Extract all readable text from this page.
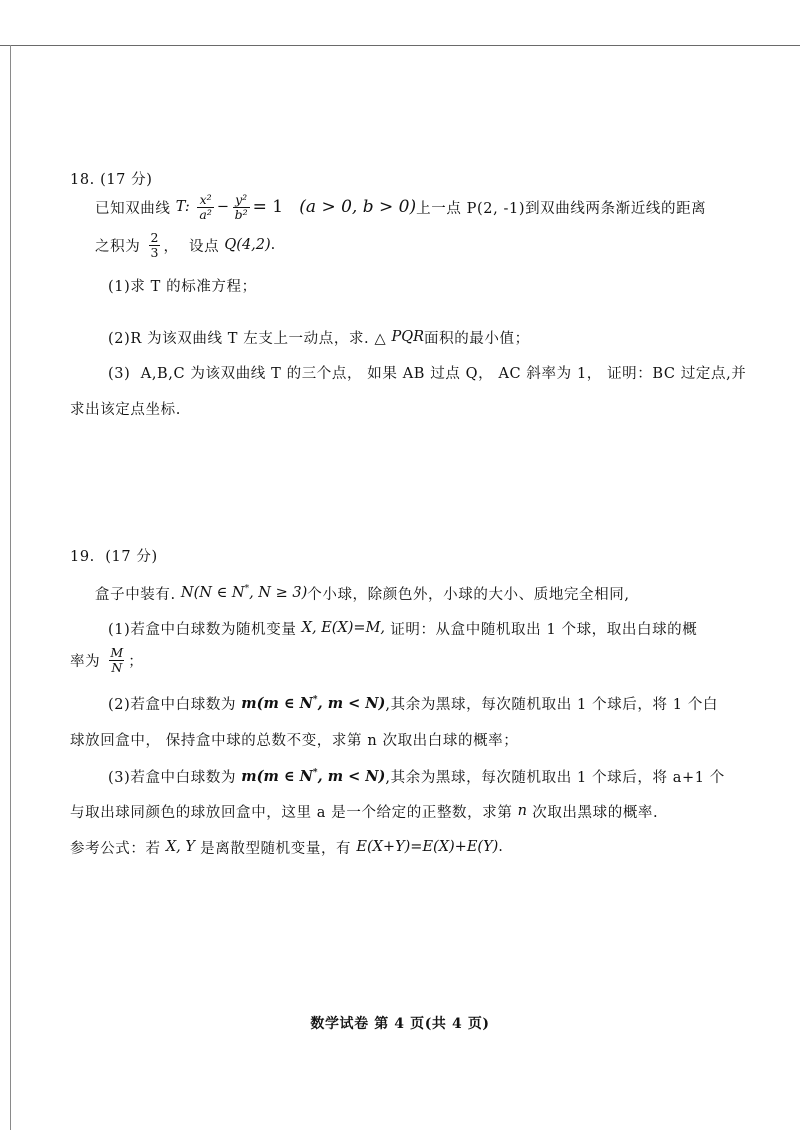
18. (17 分)
已知双曲线 T: $\frac{\text{x²}}{\text{a²}} - \frac{\text{y²}}{\text{b²}} = 1$ (a > 0, b > 0) 上一点 P(2, -1)到双曲线两条渐近线的距离
之积为 $\frac{2}{3}$ ，  设点 Q(4,2) .
(1)求 T 的标准方程；
(2)R 为该双曲线 T 左支上一动点，求. △ PQR 面积的最小值；
(3)  A,B,C 为该双曲线 T 的三个点， 如果 AB 过点 Q， AC 斜率为 1， 证明：BC 过定点,并
求出该定点坐标.
19.  (17 分)
盒子中装有. N(N ∈ N*, N ≥ 3) 个小球，除颜色外，小球的大小、质地完全相同,
(1)若盒中白球数为随机变量 X, E(X)=M, 证明：从盒中随机取出 1 个球，取出白球的概
率为 $\frac{M}{N}$ ；
(2)若盒中白球数为 m(m ∈ N*, m < N) ,其余为黑球，每次随机取出 1 个球后，将 1 个白
球放回盒中， 保持盒中球的总数不变，求第 n 次取出白球的概率；
(3)若盒中白球数为 m(m ∈ N*, m < N) ,其余为黑球，每次随机取出 1 个球后，将 a+1 个
与取出球同颜色的球放回盒中，这里 a 是一个给定的正整数，求第 n 次取出黑球的概率.
参考公式：若 X, Y 是离散型随机变量，有 E(X+Y)=E(X)+E(Y) .
数学试卷 第 4 页(共 4 页)
